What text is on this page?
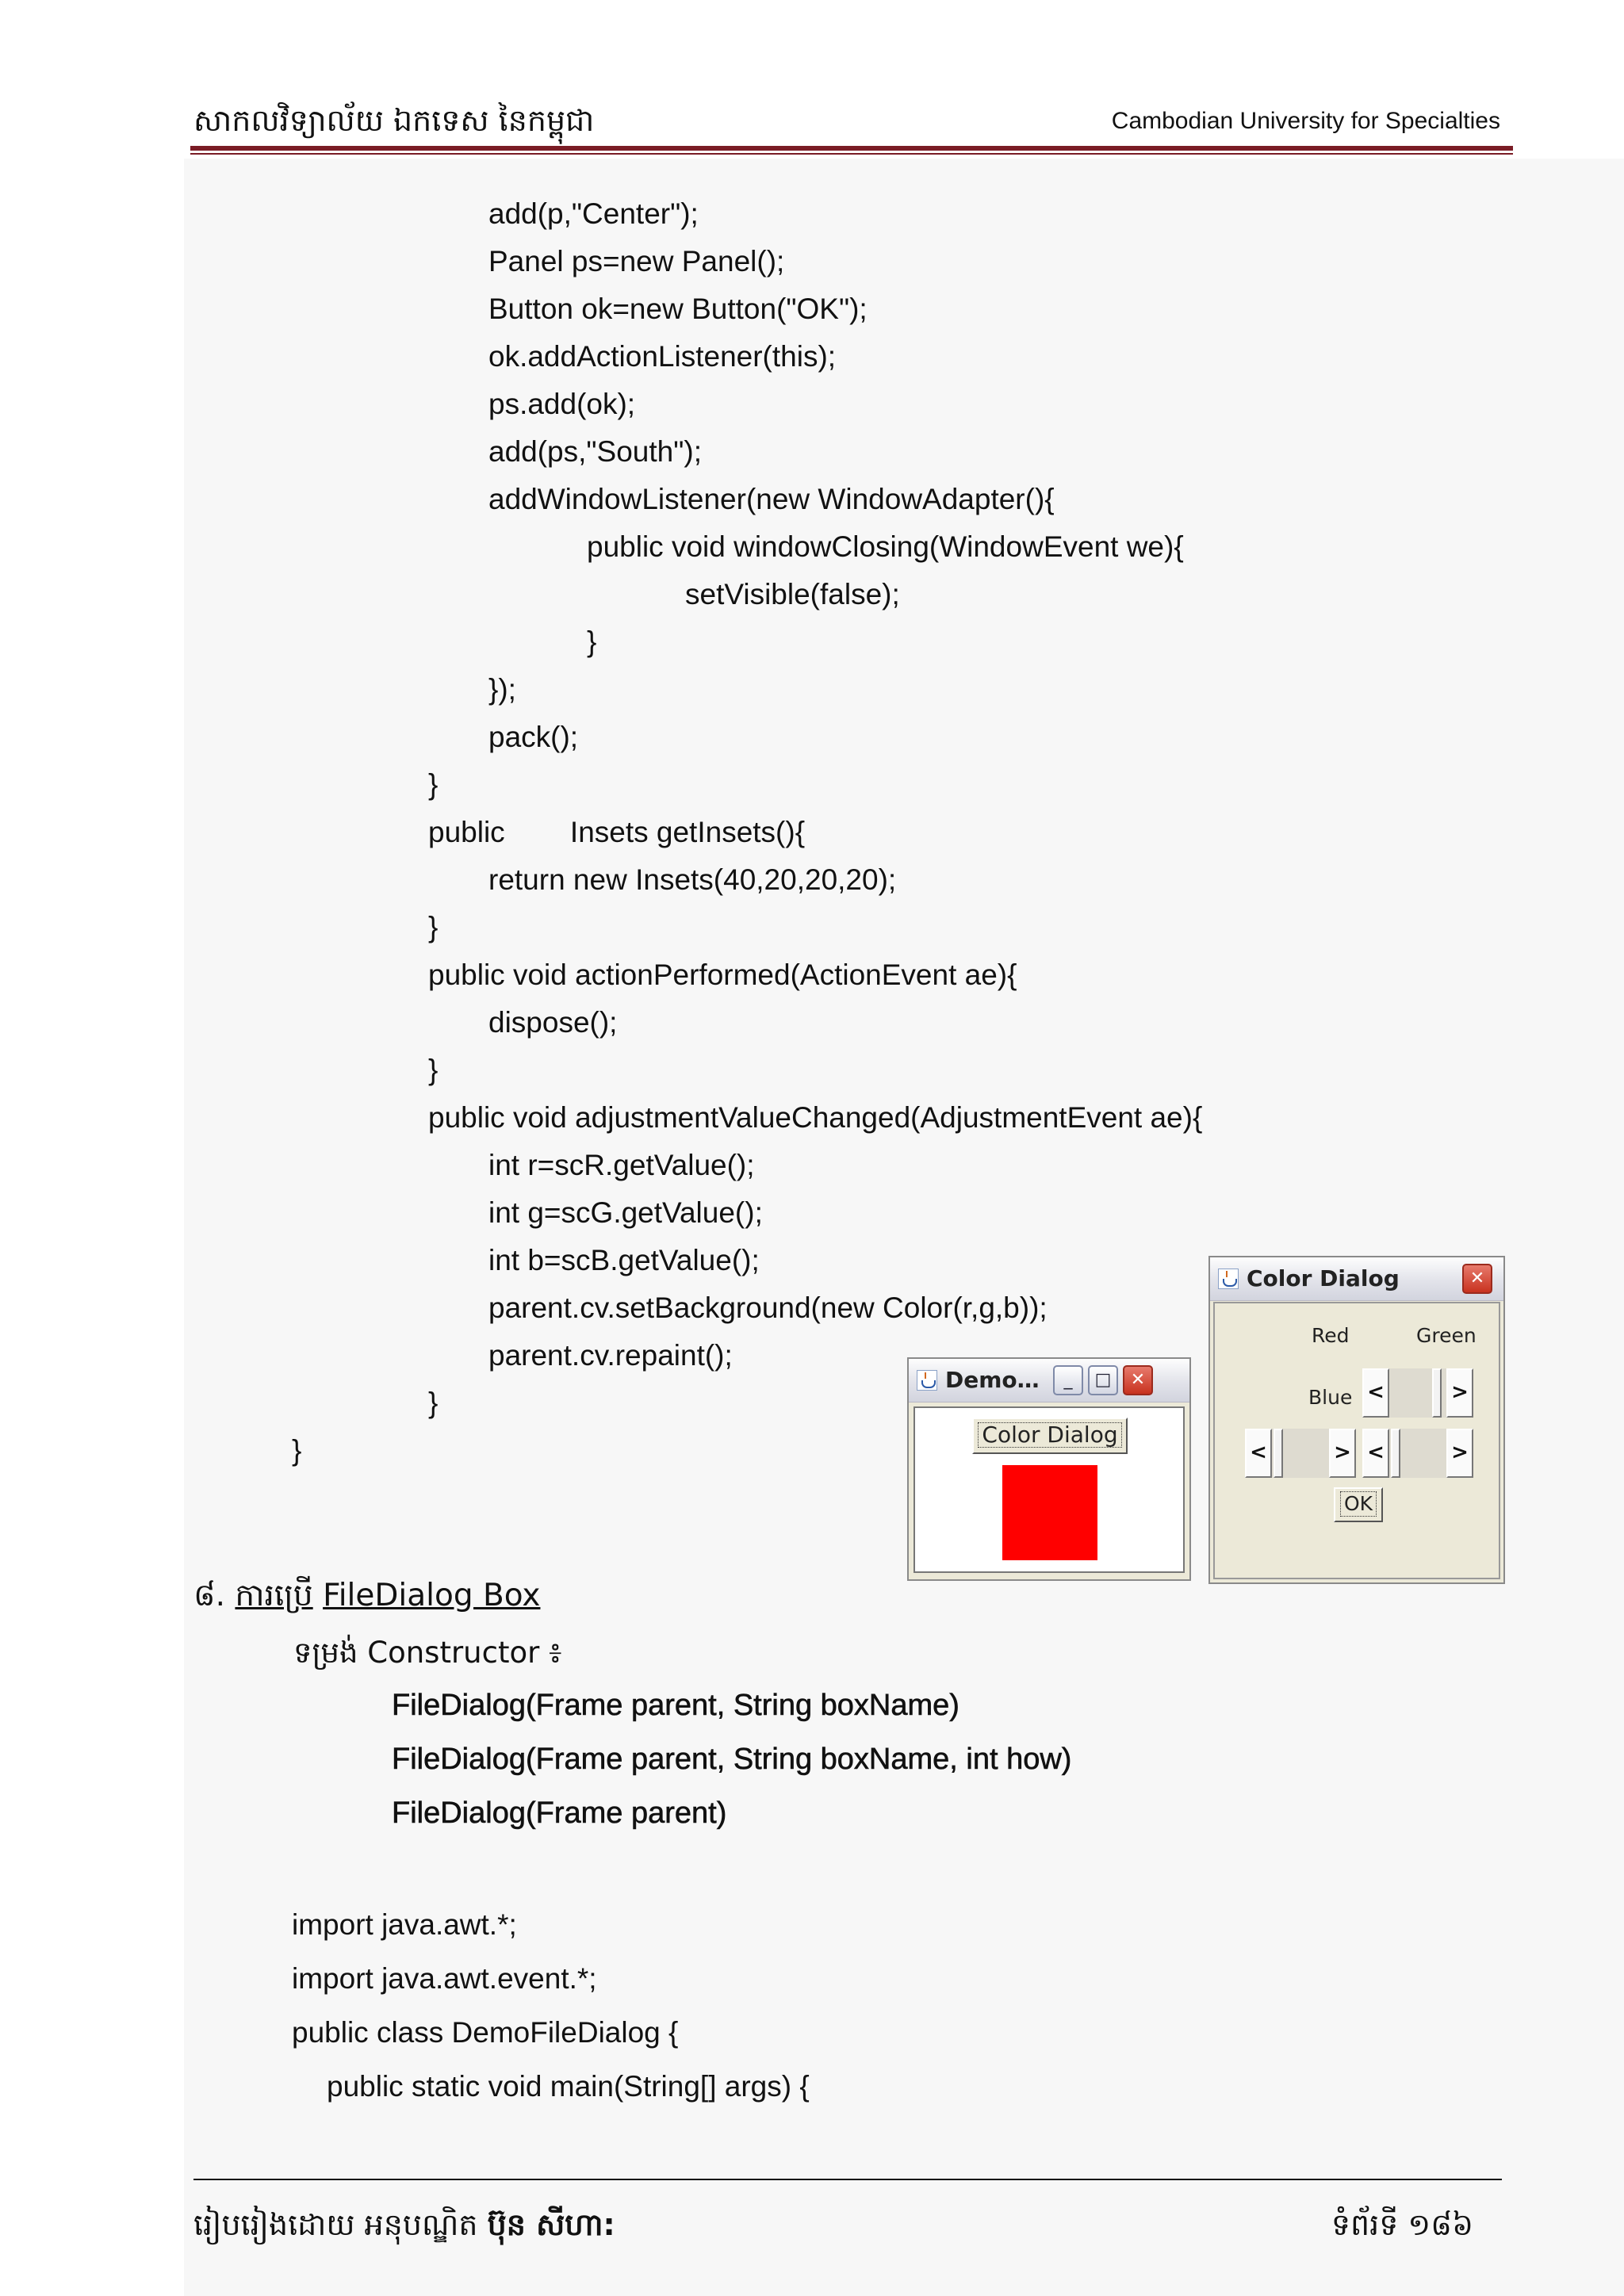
សាកលវិទ្យាល័យ ឯកទេស នៃកម្ពុជា	Cambodian University for Specialties
add(p,"Center");
Panel ps=new Panel();
Button ok=new Button("OK");
ok.addActionListener(this);
ps.add(ok);
add(ps,"South");
addWindowListener(new WindowAdapter(){
public void windowClosing(WindowEvent we){
setVisible(false);
}
});
pack();
}
public        Insets getInsets(){
return new Insets(40,20,20,20);
}
public void actionPerformed(ActionEvent ae){
dispose();
}
public void adjustmentValueChanged(AdjustmentEvent ae){
int r=scR.getValue();
int g=scG.getValue();
int b=scB.getValue();
parent.cv.setBackground(new Color(r,g,b));
parent.cv.repaint();
}
}
Demo…	_	□	✕
Color Dialog
Color Dialog	✕
Red	Green
Blue <	>
<	> <	>
OK
៨. ការប្រើ FileDialog Box
ទម្រង់ Constructor ៖
FileDialog(Frame parent, String boxName)
FileDialog(Frame parent, String boxName, int how)
FileDialog(Frame parent)
import java.awt.*;
import java.awt.event.*;
public class DemoFileDialog {
public static void main(String[] args) {
រៀបរៀងដោយ អនុបណ្ឌិត ប៊ុន សីហា:	ទំព័រទី ១៨៦
